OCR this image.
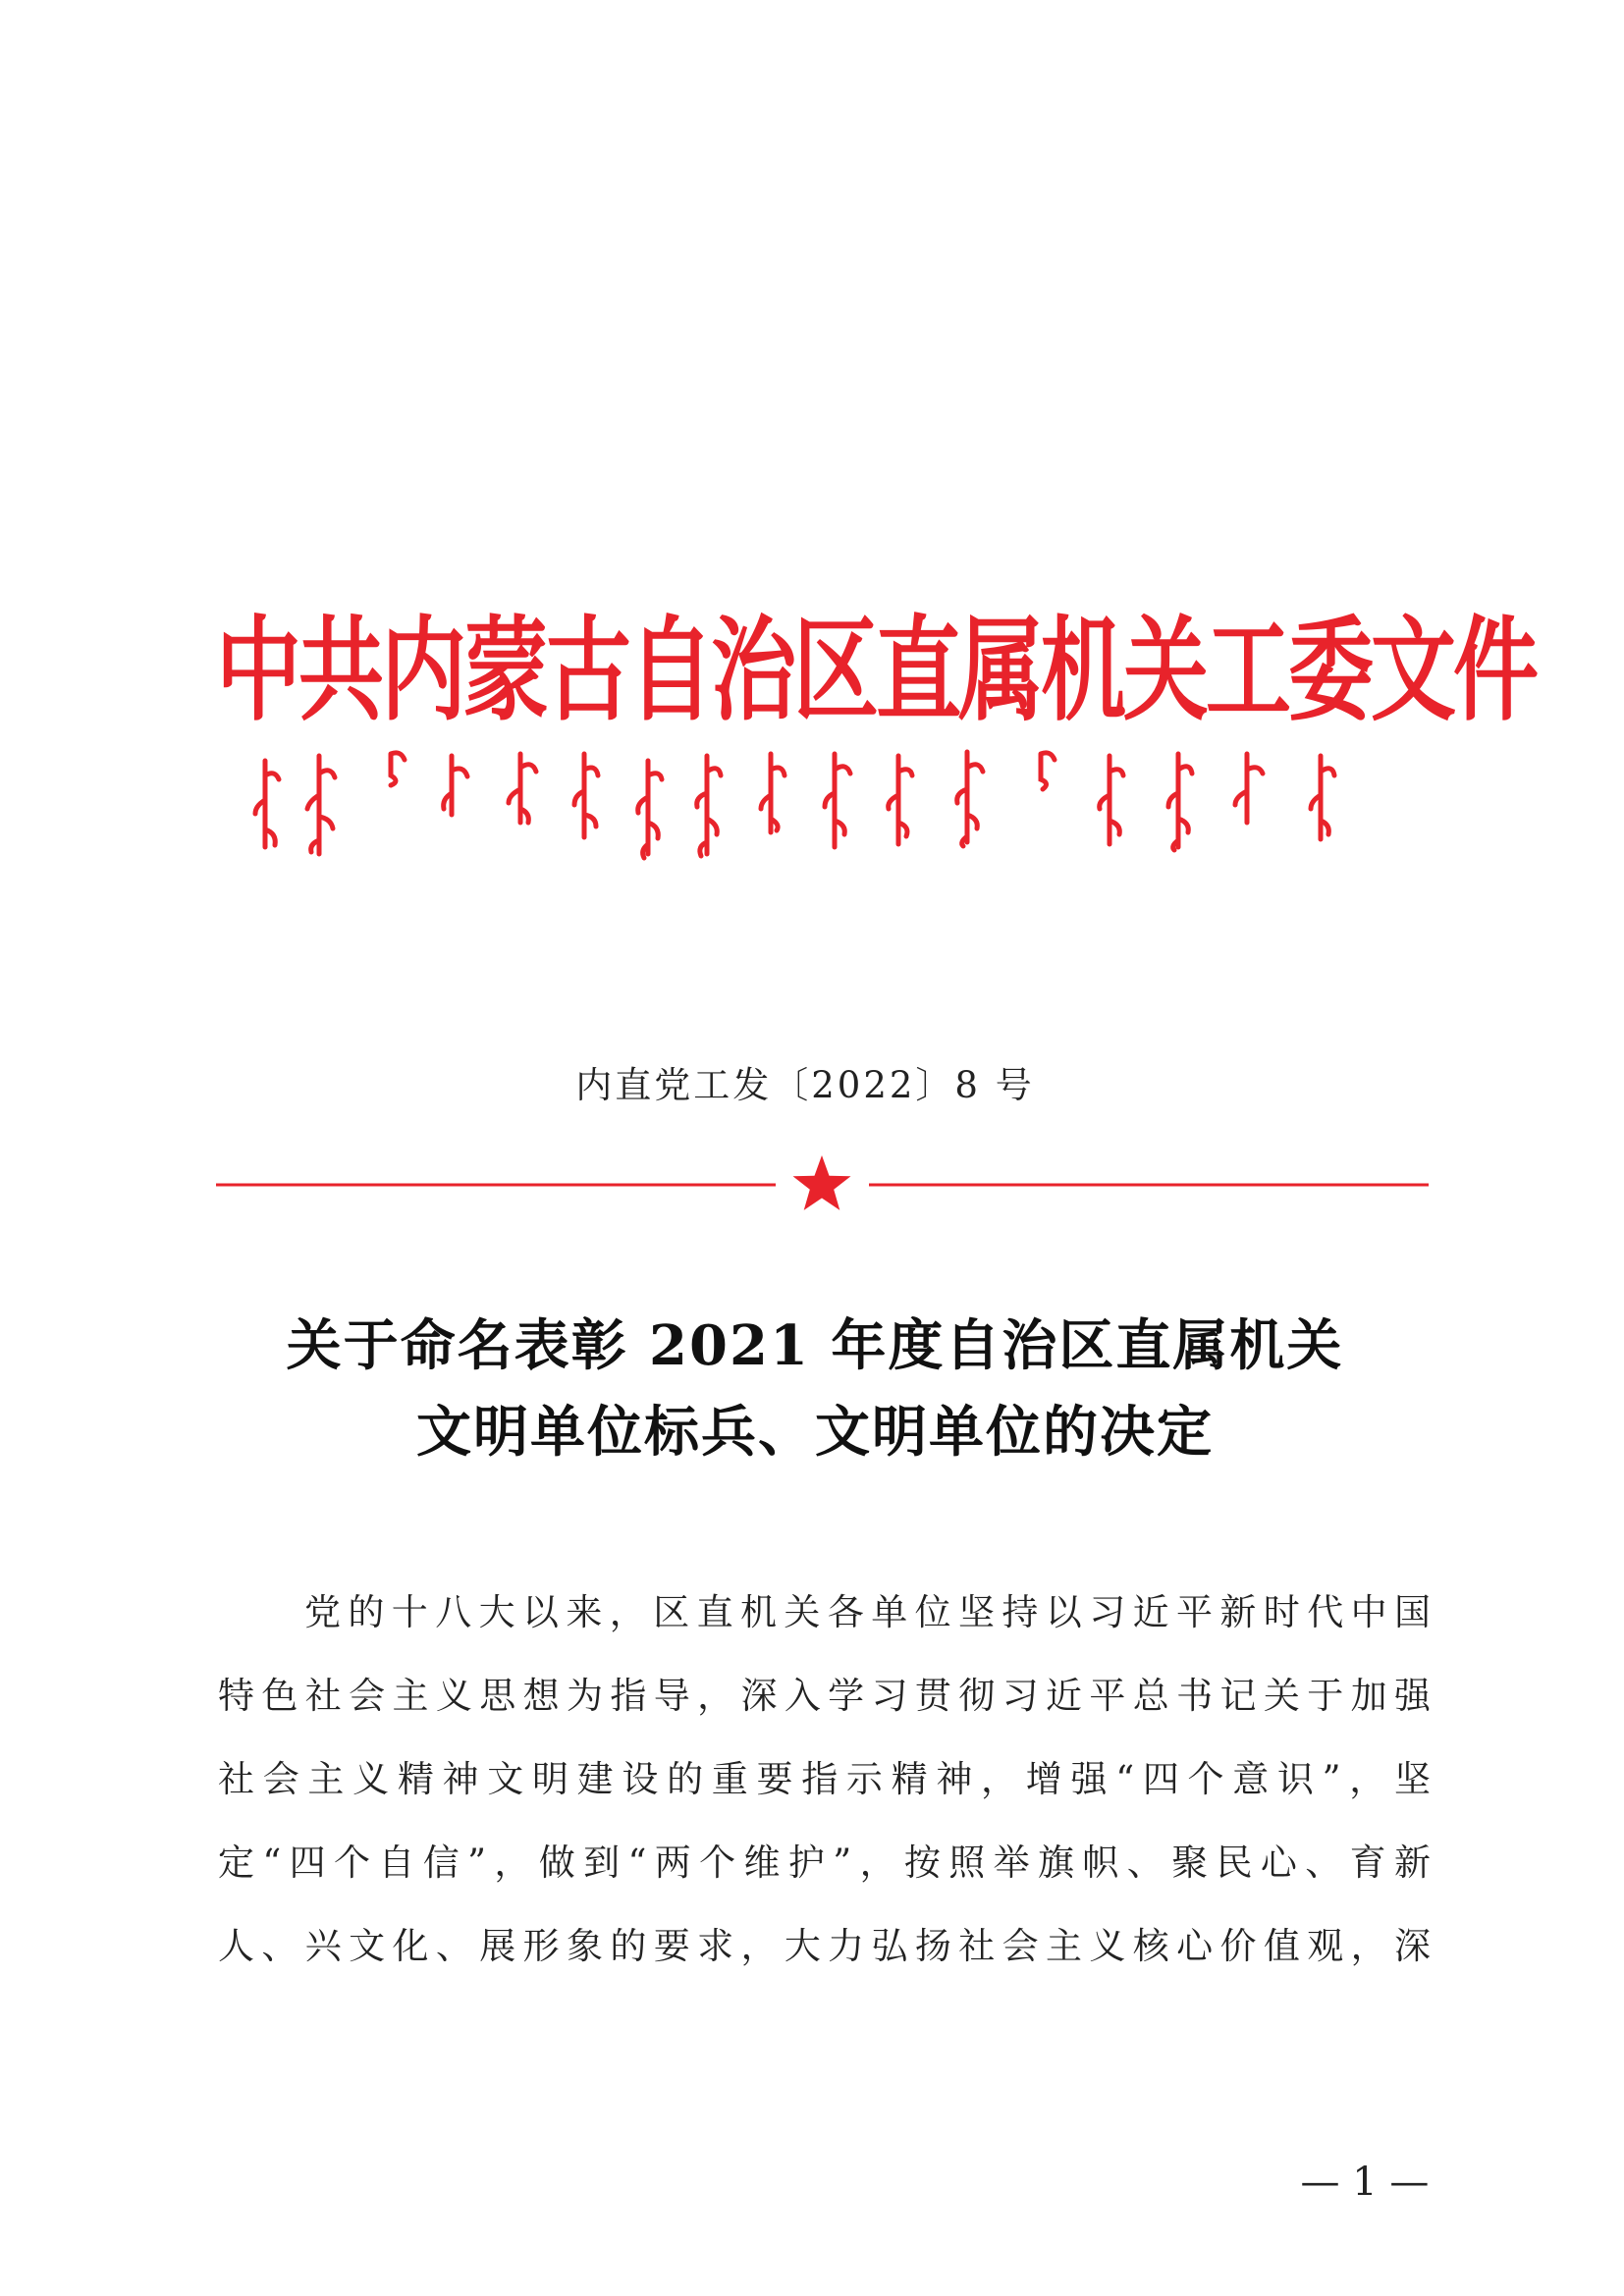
中共内蒙古自治区直属机关工委文件
内直党工发〔2022〕8 号
关于命名表彰 2021 年度自治区直属机关
文明单位标兵、文明单位的决定
党的十八大以来，区直机关各单位坚持以习近平新时代中国
特色社会主义思想为指导，深入学习贯彻习近平总书记关于加强
社会主义精神文明建设的重要指示精神，增强“四个意识”，坚
定“四个自信”，做到“两个维护”，按照举旗帜、聚民心、育新
人、兴文化、展形象的要求，大力弘扬社会主义核心价值观，深
— 1 —
